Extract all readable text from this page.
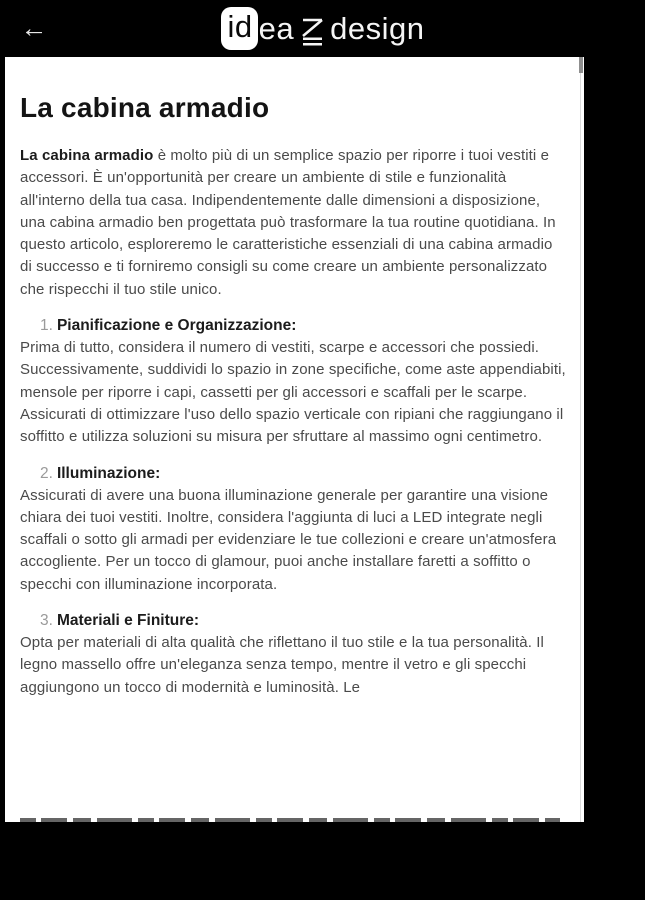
←	id ea design
La cabina armadio

La cabina armadio è molto più di un semplice spazio per riporre i tuoi vestiti e accessori. È un'opportunità per creare un ambiente di stile e funzionalità all'interno della tua casa. Indipendentemente dalle dimensioni a disposizione, una cabina armadio ben progettata può trasformare la tua routine quotidiana. In questo articolo, esploreremo le caratteristiche essenziali di una cabina armadio di successo e ti forniremo consigli su come creare un ambiente personalizzato che rispecchi il tuo stile unico.

1. Pianificazione e Organizzazione:

Prima di tutto, considera il numero di vestiti, scarpe e accessori che possiedi. Successivamente, suddividi lo spazio in zone specifiche, come aste appendiabiti, mensole per riporre i capi, cassetti per gli accessori e scaffali per le scarpe. Assicurati di ottimizzare l'uso dello spazio verticale con ripiani che raggiungano il soffitto e utilizza soluzioni su misura per sfruttare al massimo ogni centimetro.

2. Illuminazione:

Assicurati di avere una buona illuminazione generale per garantire una visione chiara dei tuoi vestiti. Inoltre, considera l'aggiunta di luci a LED integrate negli scaffali o sotto gli armadi per evidenziare le tue collezioni e creare un'atmosfera accogliente. Per un tocco di glamour, puoi anche installare faretti a soffitto o specchi con illuminazione incorporata.

3. Materiali e Finiture:

Opta per materiali di alta qualità che riflettano il tuo stile e la tua personalità. Il legno massello offre un'eleganza senza tempo, mentre il vetro e gli specchi aggiungono un tocco di modernità e luminosità. Le
